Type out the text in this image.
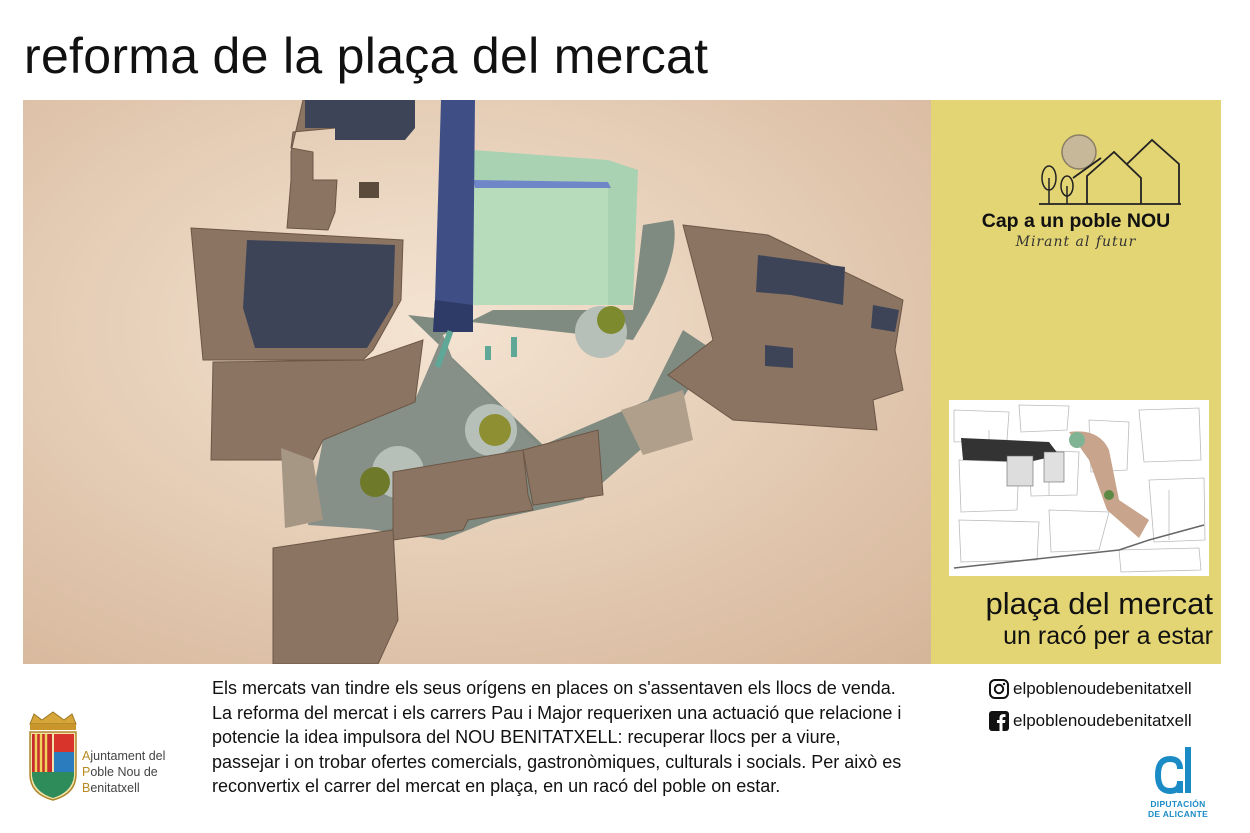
reforma de la plaça del mercat
Cap a un poble NOU
Mirant al futur
plaça del mercat
un racó per a estar
Els mercats van tindre els seus orígens en places on s'assentaven els llocs de venda. La reforma del mercat i els carrers Pau i Major requerixen una actuació que relacione i potencie la idea impulsora del NOU BENITATXELL: recuperar llocs per a viure, passejar i on trobar ofertes comercials, gastronòmiques, culturals i socials. Per això es reconvertix el carrer del mercat en plaça, en un racó del poble on estar.
Ajuntament del
Poble Nou de
Benitatxell
elpoblenoudebenitatxell
elpoblenoudebenitatxell
DIPUTACIÓN
DE ALICANTE
